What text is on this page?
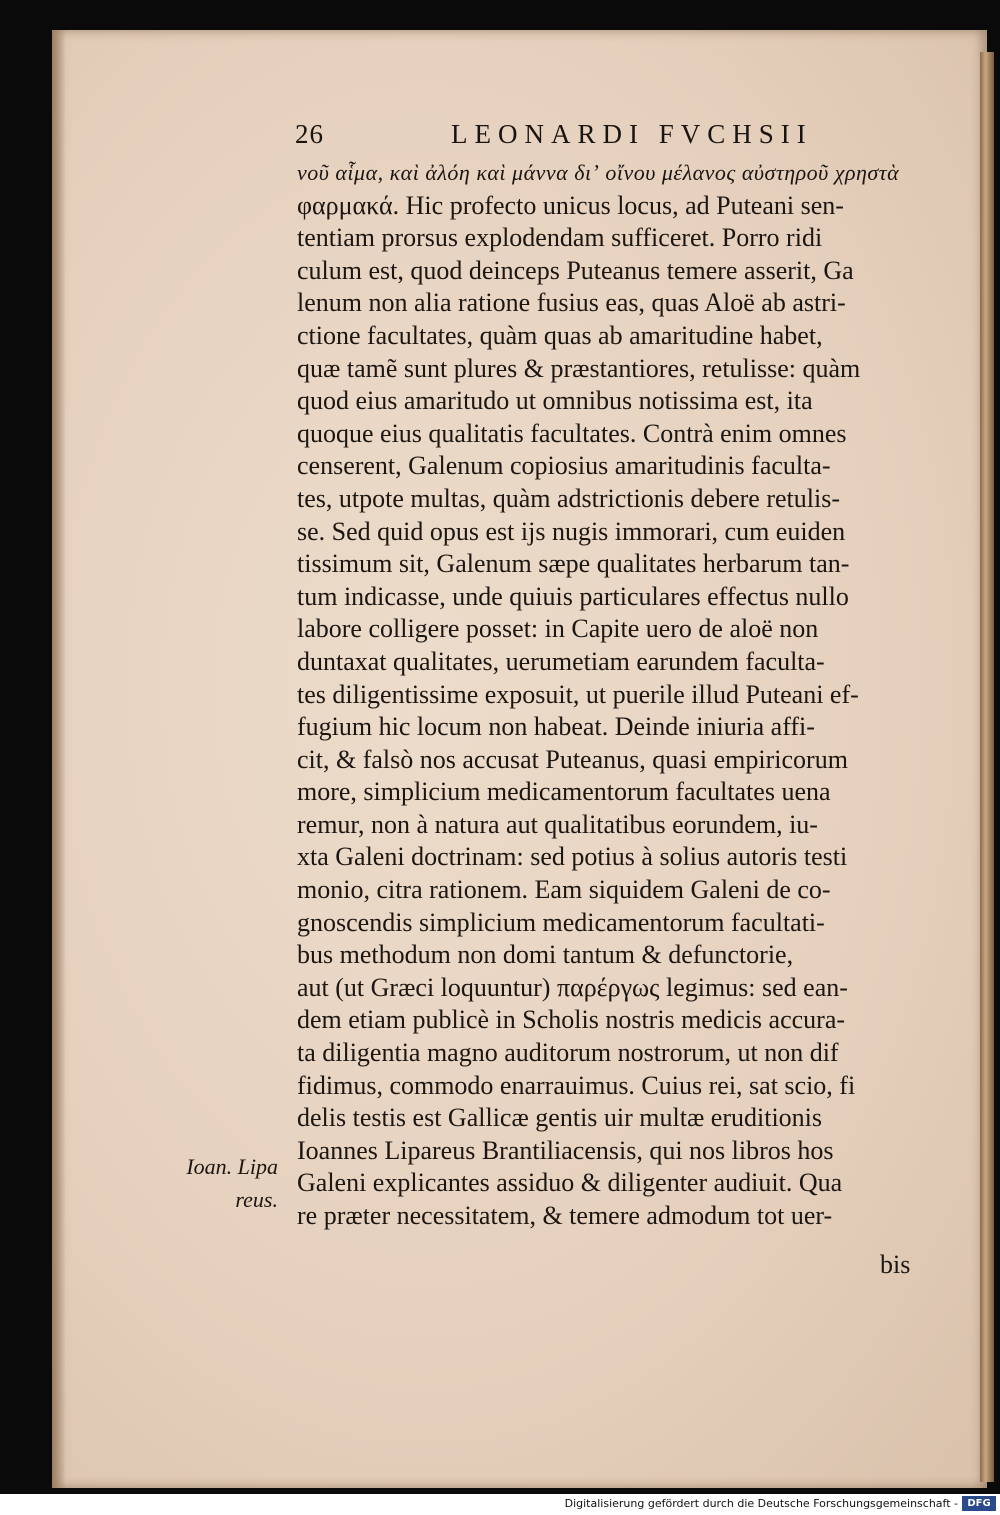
26	LEONARDI FVCHSII
νοῦ αἷμα, καὶ ἀλόη καὶ μάννα διʼ οἴνου μέλανος αὐστηροῦ χρηστὰ
φαρμακά. Hic profecto unicus locus, ad Puteani sen-
tentiam prorsus explodendam sufficeret. Porro ridi
culum est, quod deinceps Puteanus temere asserit, Ga
lenum non alia ratione fusius eas, quas Aloë ab astri-
ctione facultates, quàm quas ab amaritudine habet,
quæ tamẽ sunt plures & præstantiores, retulisse: quàm
quod eius amaritudo ut omnibus notissima est, ita
quoque eius qualitatis facultates. Contrà enim omnes
censerent, Galenum copiosius amaritudinis faculta-
tes, utpote multas, quàm adstrictionis debere retulis-
se. Sed quid opus est ijs nugis immorari, cum euiden
tissimum sit, Galenum sæpe qualitates herbarum tan-
tum indicasse, unde quiuis particulares effectus nullo
labore colligere posset: in Capite uero de aloë non
duntaxat qualitates, uerumetiam earundem faculta-
tes diligentissime exposuit, ut puerile illud Puteani ef-
fugium hic locum non habeat. Deinde iniuria affi-
cit, & falsò nos accusat Puteanus, quasi empiricorum
more, simplicium medicamentorum facultates uena
remur, non à natura aut qualitatibus eorundem, iu-
xta Galeni doctrinam: sed potius à solius autoris testi
monio, citra rationem. Eam siquidem Galeni de co-
gnoscendis simplicium medicamentorum facultati-
bus methodum non domi tantum & defunctorie,
aut (ut Græci loquuntur) παρέργως legimus: sed ean-
dem etiam publicè in Scholis nostris medicis accura-
ta diligentia magno auditorum nostrorum, ut non dif
fidimus, commodo enarrauimus. Cuius rei, sat scio, fi
delis testis est Gallicæ gentis uir multæ eruditionis
Ioannes Lipareus Brantiliacensis, qui nos libros hos
Galeni explicantes assiduo & diligenter audiuit. Qua
re præter necessitatem, & temere admodum tot uer-
Ioan. Lipa
reus.
bis
Digitalisierung gefördert durch die Deutsche Forschungsgemeinschaft - DFG
